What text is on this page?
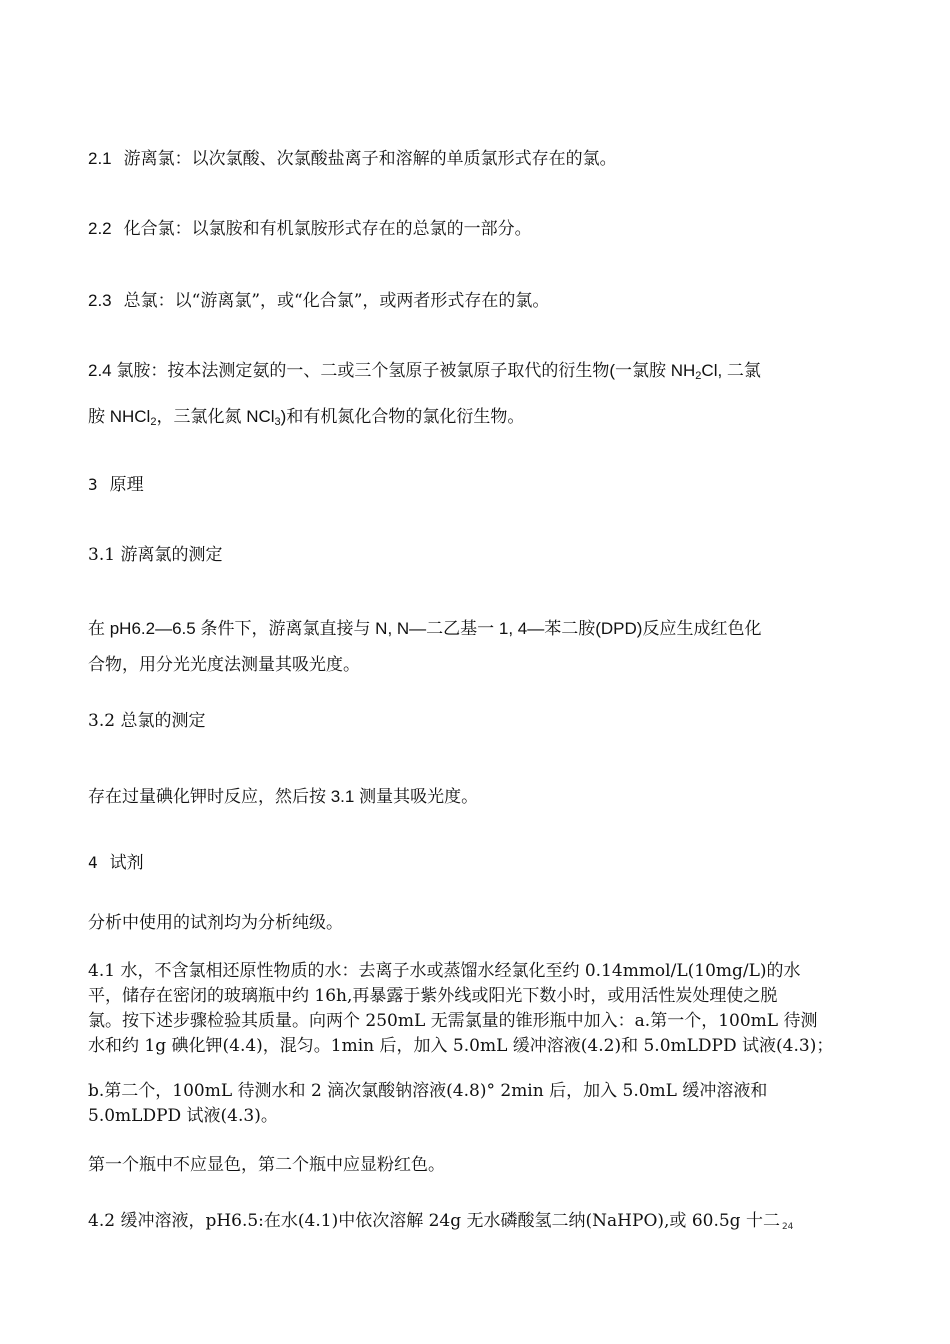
2.1 游离氯：以次氯酸、次氯酸盐离子和溶解的单质氯形式存在的氯。

2.2 化合氯：以氯胺和有机氯胺形式存在的总氯的一部分。

2.3 总氯：以“游离氯”，或“化合氯”，或两者形式存在的氯。

2.4 氯胺：按本法测定氨的一、二或三个氢原子被氯原子取代的衍生物(一氯胺 $NH_2Cl$, 二氯

胺 NHCl$_2$，三氯化氮 NCl$_3$)和有机氮化合物的氯化衍生物。

3 原理

3.1 游离氯的测定

在 pH6.2—6.5 条件下，游离氯直接与 N, N—二乙基一 1, 4—苯二胺(DPD)反应生成红色化

合物，用分光光度法测量其吸光度。

3.2 总氯的测定

存在过量碘化钾时反应，然后按 3.1 测量其吸光度。

4 试剂

分析中使用的试剂均为分析纯级。

4.1 水，不含氯相还原性物质的水：去离子水或蒸馏水经氯化至约 0.14mmol/L(10mg/L)的水

平，储存在密闭的玻璃瓶中约 16h,再暴露于紫外线或阳光下数小时，或用活性炭处理使之脱

氯。按下述步骤检验其质量。向两个 250mL 无需氯量的锥形瓶中加入：a.第一个，100mL 待测

水和约 1g 碘化钾(4.4)，混匀。1min 后，加入 5.0mL 缓冲溶液(4.2)和 5.0mLDPD 试液(4.3)；

b.第二个，100mL 待测水和 2 滴次氯酸钠溶液(4.8)° 2min 后，加入 5.0mL 缓冲溶液和

5.0mLDPD 试液(4.3)。

第一个瓶中不应显色，第二个瓶中应显粉红色。

4.2 缓冲溶液，pH6.5:在水(4.1)中依次溶解 24g 无水磷酸氢二纳(NaHPO),或 60.5g 十二 24
